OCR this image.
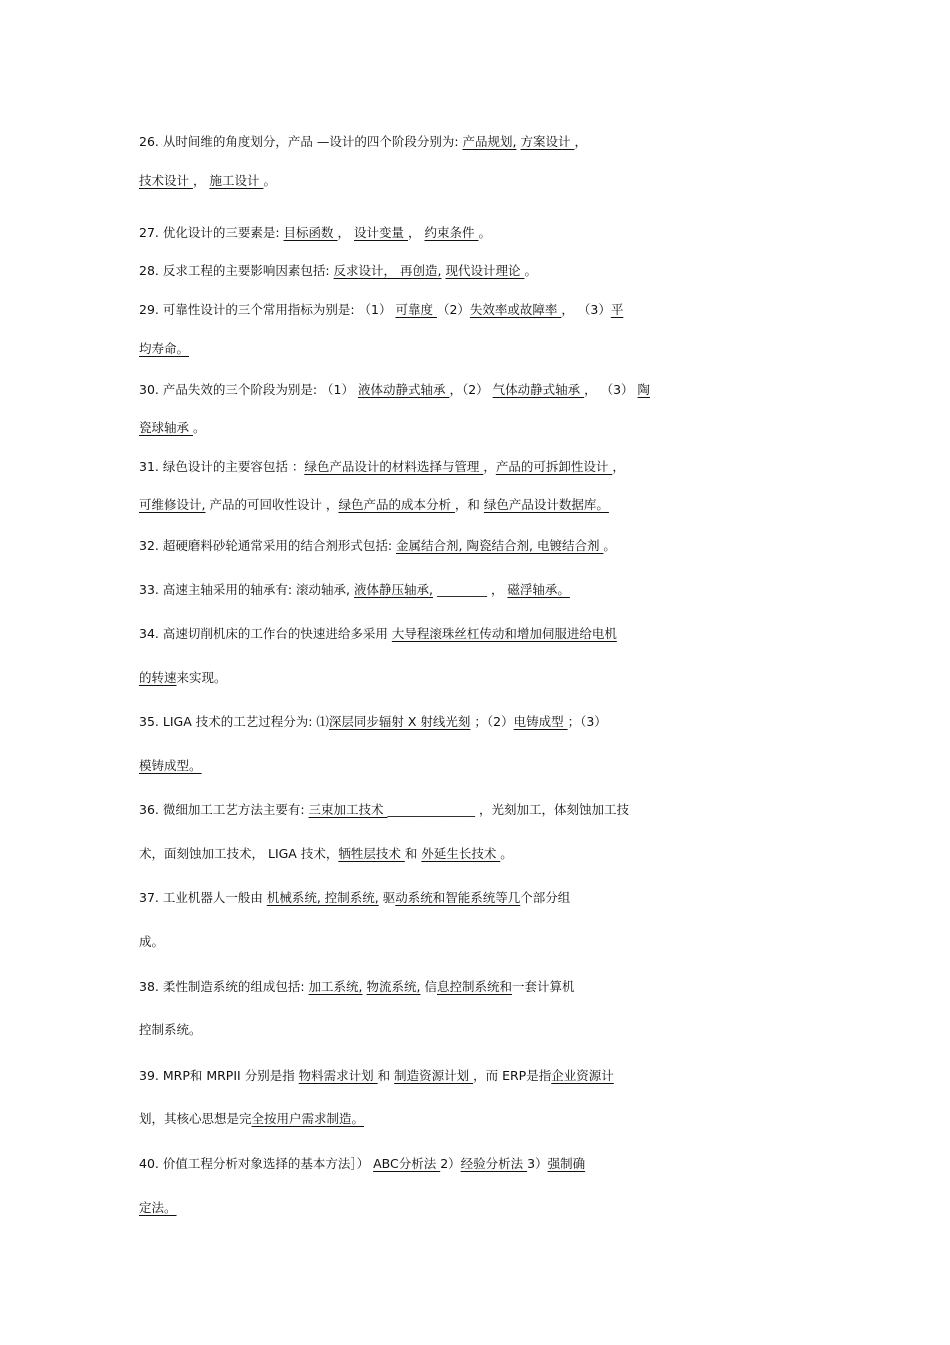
26. 从时间维的角度划分，产品 —设计的四个阶段分别为: 产品规划, 方案设计 ，
技术设计 ， 施工设计 。
27. 优化设计的三要素是: 目标函数 ， 设计变量 ， 约束条件 。
28. 反求工程的主要影响因素包括: 反求设计， 再创造, 现代设计理论 。
29. 可靠性设计的三个常用指标为别是: （1） 可靠度 （2）失效率或故障率 ， （3）平
均寿命。
30. 产品失效的三个阶段为别是: （1） 液体动静式轴承 ，（2） 气体动静式轴承 ， （3） 陶
瓷球轴承 。
31. 绿色设计的主要容包括 ：绿色产品设计的材料选择与管理 ，产品的可拆卸性设计 ，
可维修设计, 产品的可回收性设计 ，绿色产品的成本分析 ，和 绿色产品设计数据库。
32. 超硬磨料砂轮通常采用的结合剂形式包括: 金属结合剂, 陶瓷结合剂, 电镀结合剂 。
33. 高速主轴采用的轴承有: 滚动轴承, 液体静压轴承, ________ ， 磁浮轴承。
34. 高速切削机床的工作台的快速进给多采用 大导程滚珠丝杠传动和增加伺服进给电机
的转速来实现。
35. LIGA 技术的工艺过程分为: ⑴深层同步辐射 X 射线光刻 ；（2）电铸成型 ；（3）
模铸成型。
36. 微细加工工艺方法主要有: 三束加工技术 ______________ ，光刻加工，体刻蚀加工技
术，面刻蚀加工技术， LIGA 技术，牺牲层技术 和 外延生长技术 。
37. 工业机器人一般由 机械系统, 控制系统, 驱动系统和智能系统等几个部分组
成。
38. 柔性制造系统的组成包括: 加工系统, 物流系统, 信息控制系统和一套计算机
控制系统。
39. MRP和 MRPII 分别是指 物料需求计划 和 制造资源计划 ，而 ERP是指企业资源计
划，其核心思想是完全按用户需求制造。
40. 价值工程分析对象选择的基本方法］） ABC分析法 2）经验分析法 3）强制确
定法。
